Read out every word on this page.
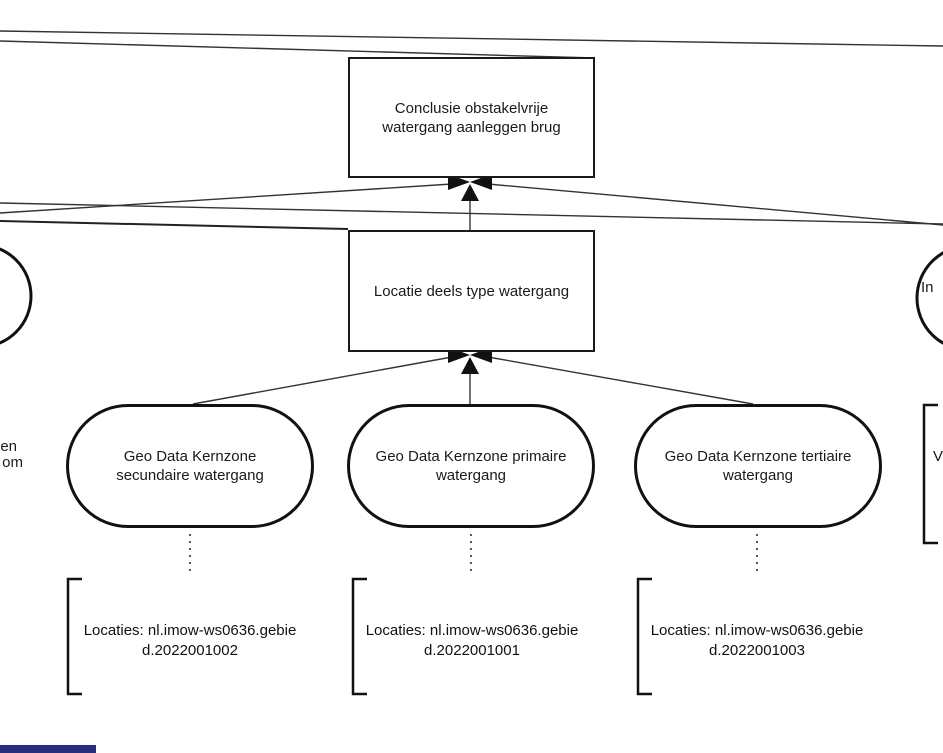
Conclusie obstakelvrije
watergang aanleggen brug
Locatie deels type watergang
Geo Data Kernzone
secundaire watergang
Geo Data Kernzone primaire
watergang
Geo Data Kernzone tertiaire
watergang
Locaties: nl.imow-ws0636.gebie
d.2022001002
Locaties: nl.imow-ws0636.gebie
d.2022001001
Locaties: nl.imow-ws0636.gebie
d.2022001003
en
om
In
V
